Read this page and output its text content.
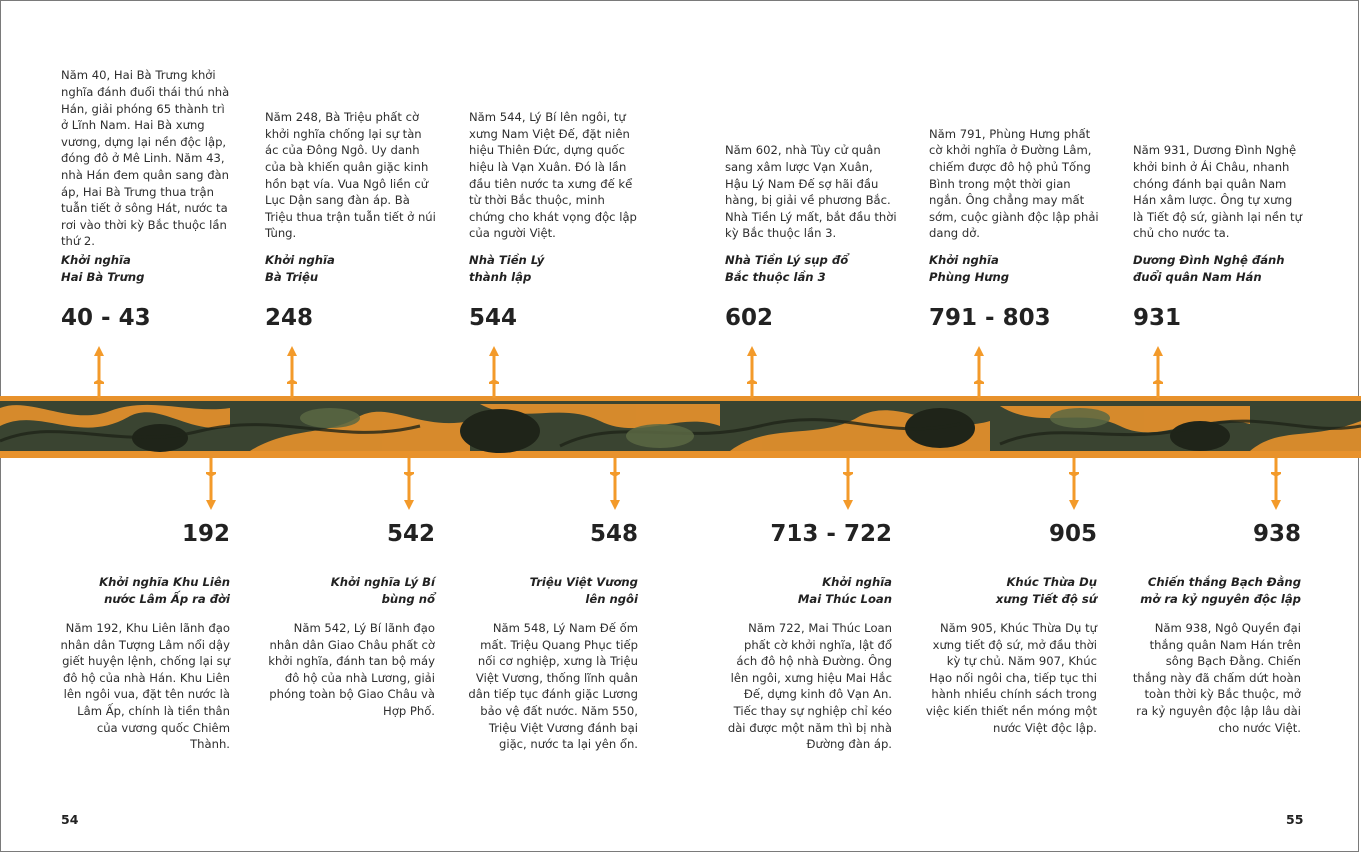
Năm 40, Hai Bà Trưng khởi nghĩa đánh đuổi thái thú nhà Hán, giải phóng 65 thành trì ở Lĩnh Nam. Hai Bà xưng vương, dựng lại nền độc lập, đóng đô ở Mê Linh. Năm 43, nhà Hán đem quân sang đàn áp, Hai Bà Trưng thua trận tuẫn tiết ở sông Hát, nước ta rơi vào thời kỳ Bắc thuộc lần thứ 2.
Khởi nghĩa
Hai Bà Trưng
40 - 43
Năm 248, Bà Triệu phất cờ khởi nghĩa chống lại sự tàn ác của Đông Ngô. Uy danh của bà khiến quân giặc kinh hồn bạt vía. Vua Ngô liền cử Lục Dận sang đàn áp. Bà Triệu thua trận tuẫn tiết ở núi Tùng.
Khởi nghĩa
Bà Triệu
248
Năm 544, Lý Bí lên ngôi, tự xưng Nam Việt Đế, đặt niên hiệu Thiên Đức, dựng quốc hiệu là Vạn Xuân. Đó là lần đầu tiên nước ta xưng đế kể từ thời Bắc thuộc, minh chứng cho khát vọng độc lập của người Việt.
Nhà Tiền Lý
thành lập
544
Năm 602, nhà Tùy cử quân sang xâm lược Vạn Xuân, Hậu Lý Nam Đế sợ hãi đầu hàng, bị giải về phương Bắc. Nhà Tiền Lý mất, bắt đầu thời kỳ Bắc thuộc lần 3.
Nhà Tiền Lý sụp đổ
Bắc thuộc lần 3
602
Năm 791, Phùng Hưng phất cờ khởi nghĩa ở Đường Lâm, chiếm được đô hộ phủ Tống Bình trong một thời gian ngắn. Ông chẳng may mất sớm, cuộc giành độc lập phải dang dở.
Khởi nghĩa
Phùng Hưng
791 - 803
Năm 931, Dương Đình Nghệ khởi binh ở Ái Châu, nhanh chóng đánh bại quân Nam Hán xâm lược. Ông tự xưng là Tiết độ sứ, giành lại nền tự chủ cho nước ta.
Dương Đình Nghệ đánh
đuổi quân Nam Hán
931
192
Khởi nghĩa Khu Liên
nước Lâm Ấp ra đời
Năm 192, Khu Liên lãnh đạo nhân dân Tượng Lâm nổi dậy giết huyện lệnh, chống lại sự đô hộ của nhà Hán. Khu Liên lên ngôi vua, đặt tên nước là Lâm Ấp, chính là tiền thân của vương quốc Chiêm Thành.
542
Khởi nghĩa Lý Bí
bùng nổ
Năm 542, Lý Bí lãnh đạo nhân dân Giao Châu phất cờ khởi nghĩa, đánh tan bộ máy đô hộ của nhà Lương, giải phóng toàn bộ Giao Châu và Hợp Phố.
548
Triệu Việt Vương
lên ngôi
Năm 548, Lý Nam Đế ốm mất. Triệu Quang Phục tiếp nối cơ nghiệp, xưng là Triệu Việt Vương, thống lĩnh quân dân tiếp tục đánh giặc Lương bảo vệ đất nước. Năm 550, Triệu Việt Vương đánh bại giặc, nước ta lại yên ổn.
713 - 722
Khởi nghĩa
Mai Thúc Loan
Năm 722, Mai Thúc Loan phất cờ khởi nghĩa, lật đổ ách đô hộ nhà Đường. Ông lên ngôi, xưng hiệu Mai Hắc Đế, dựng kinh đô Vạn An. Tiếc thay sự nghiệp chỉ kéo dài được một năm thì bị nhà Đường đàn áp.
905
Khúc Thừa Dụ
xưng Tiết độ sứ
Năm 905, Khúc Thừa Dụ tự xưng tiết độ sứ, mở đầu thời kỳ tự chủ. Năm 907, Khúc Hạo nối ngôi cha, tiếp tục thi hành nhiều chính sách trong việc kiến thiết nền móng một nước Việt độc lập.
938
Chiến thắng Bạch Đằng
mở ra kỷ nguyên độc lập
Năm 938, Ngô Quyền đại thắng quân Nam Hán trên sông Bạch Đằng. Chiến thắng này đã chấm dứt hoàn toàn thời kỳ Bắc thuộc, mở ra kỷ nguyên độc lập lâu dài cho nước Việt.
54	55
